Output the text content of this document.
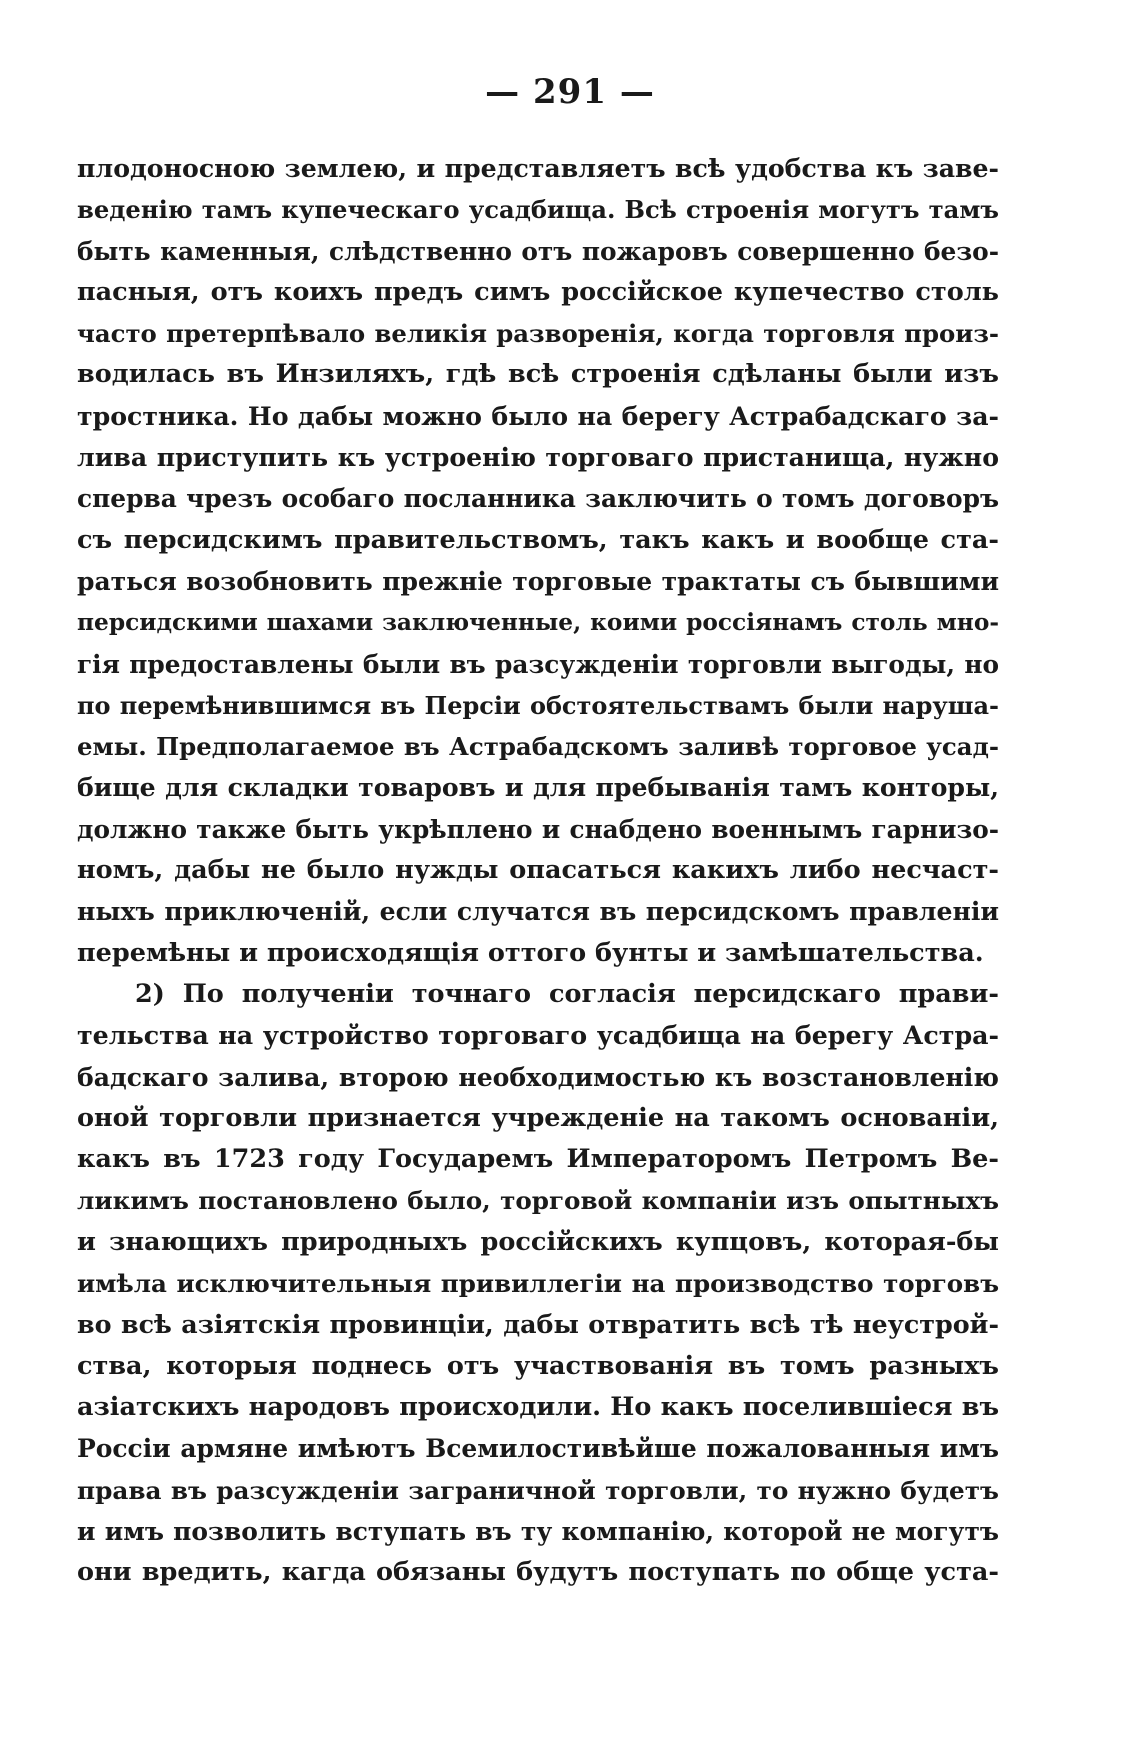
— 291 —
плодоносною землею, и представляетъ всѣ удобства къ заве-
веденію тамъ купеческаго усадбища. Всѣ строенія могутъ тамъ
быть каменныя, слѣдственно отъ пожаровъ совершенно безо-
пасныя, отъ коихъ предъ симъ россійское купечество столь
часто претерпѣвало великія разворенія, когда торговля произ-
водилась въ Инзиляхъ, гдѣ всѣ строенія сдѣланы были изъ
тростника. Но дабы можно было на берегу Астрабадскаго за-
лива приступить къ устроенію торговаго пристанища, нужно
сперва чрезъ особаго посланника заключить о томъ договоръ
съ персидскимъ правительствомъ, такъ какъ и вообще ста-
раться возобновить прежніе торговые трактаты съ бывшими
персидскими шахами заключенные, коими россіянамъ столь мно-
гія предоставлены были въ разсужденіи торговли выгоды, но
по перемѣнившимся въ Персіи обстоятельствамъ были наруша-
емы. Предполагаемое въ Астрабадскомъ заливѣ торговое усад-
бище для складки товаровъ и для пребыванія тамъ конторы,
должно также быть укрѣплено и снабдено военнымъ гарнизо-
номъ, дабы не было нужды опасаться какихъ либо несчаст-
ныхъ приключеній, если случатся въ персидскомъ правленіи
перемѣны и происходящія оттого бунты и замѣшательства.
2) По полученіи точнаго согласія персидскаго прави-
тельства на устройство торговаго усадбища на берегу Астра-
бадскаго залива, второю необходимостью къ возстановленію
оной торговли признается учрежденіе на такомъ основаніи,
какъ въ 1723 году Государемъ Императоромъ Петромъ Ве-
ликимъ постановлено было, торговой компаніи изъ опытныхъ
и знающихъ природныхъ россійскихъ купцовъ, которая-бы
имѣла исключительныя привиллегіи на производство торговъ
во всѣ азіятскія провинціи, дабы отвратить всѣ тѣ неустрой-
ства, которыя поднесь отъ участвованія въ томъ разныхъ
азіатскихъ народовъ происходили. Но какъ поселившіеся въ
Россіи армяне имѣютъ Всемилостивѣйше пожалованныя имъ
права въ разсужденіи заграничной торговли, то нужно будетъ
и имъ позволить вступать въ ту компанію, которой не могутъ
они вредить, кагда обязаны будутъ поступать по обще уста-
